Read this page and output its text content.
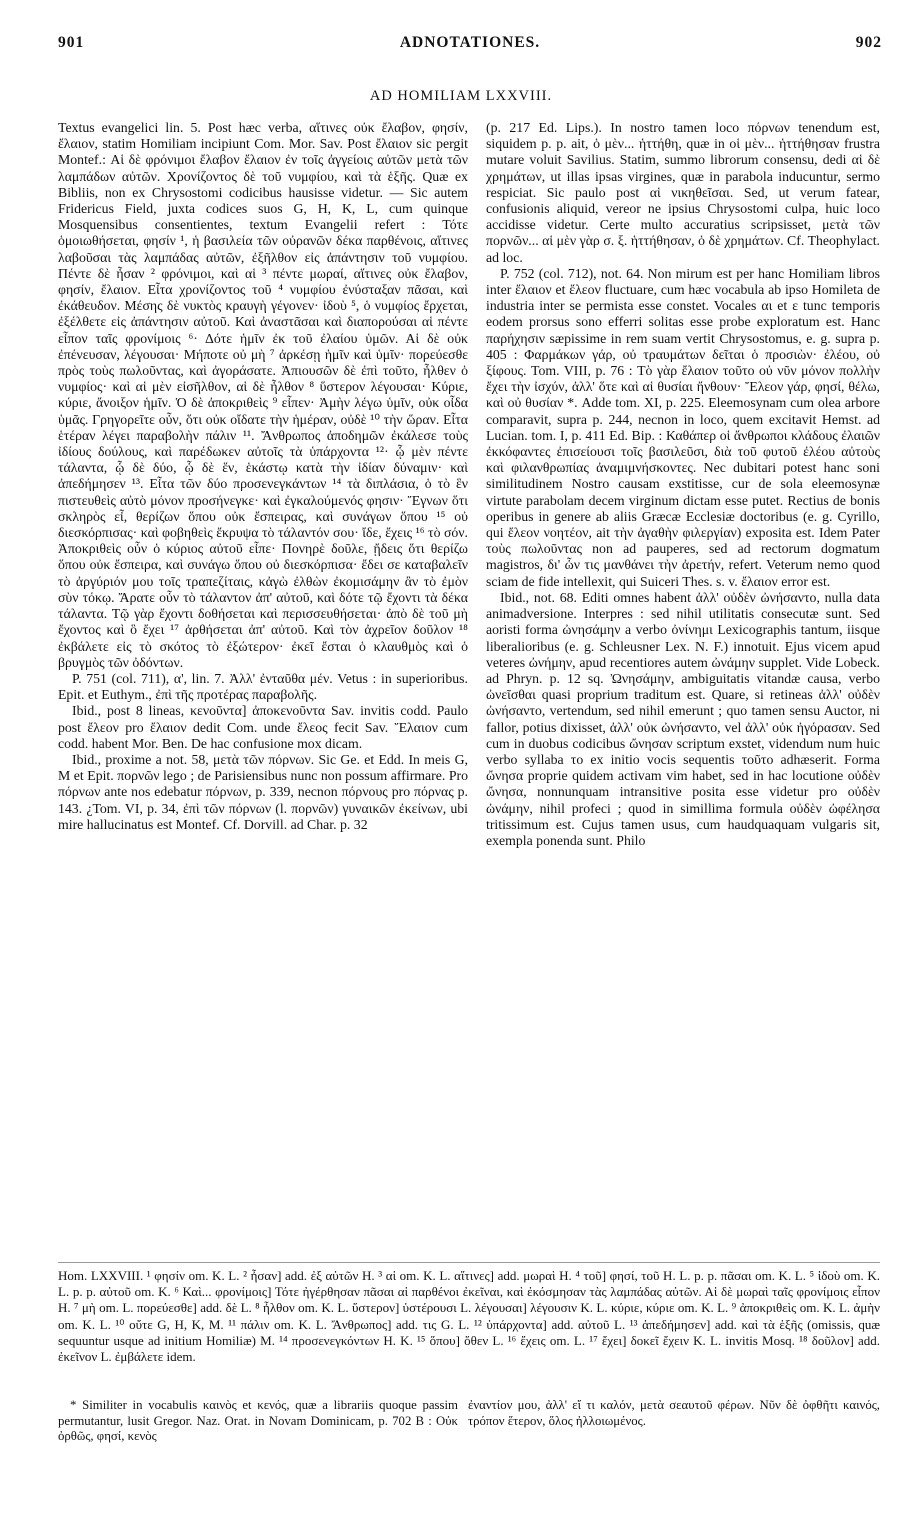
901	ADNOTATIONES.	902
AD HOMILIAM LXXVIII.

Textus evangelici lin. 5. Post hæc verba, αἵτινες οὐκ ἔλαβον, φησίν, ἔλαιον, statim Homiliam incipiunt Com. Mor. Sav. Post ἔλαιον sic pergit Montef.: Αἱ δὲ φρόνιμοι ἔλαβον ἔλαιον ἐν τοῖς ἀγγείοις αὐτῶν μετὰ τῶν λαμπάδων αὐτῶν. Χρονίζοντος δὲ τοῦ νυμφίου, καὶ τὰ ἑξῆς. Quæ ex Bibliis, non ex Chrysostomi codicibus hausisse videtur. — Sic autem Fridericus Field, juxta codices suos G, H, K, L, cum quinque Mosquensibus consentientes, textum Evangelii refert : Τότε ὁμοιωθήσεται, φησίν ¹, ἡ βασιλεία τῶν οὐρανῶν δέκα παρθένοις, αἵτινες λαβοῦσαι τὰς λαμπάδας αὐτῶν, ἐξῆλθον εἰς ἀπάντησιν τοῦ νυμφίου. Πέντε δὲ ἦσαν ² φρόνιμοι, καὶ αἱ ³ πέντε μωραί, αἵτινες οὐκ ἔλαβον, φησίν, ἔλαιον. Εἶτα χρονίζοντος τοῦ ⁴ νυμφίου ἐνύσταξαν πᾶσαι, καὶ ἐκάθευδον. Μέσης δὲ νυκτὸς κραυγὴ γέγονεν· ἰδοὺ ⁵, ὁ νυμφίος ἔρχεται, ἐξέλθετε εἰς ἀπάντησιν αὐτοῦ. Καὶ ἀναστᾶσαι καὶ διαπορούσαι αἱ πέντε εἶπον ταῖς φρονίμοις ⁶· Δότε ἡμῖν ἐκ τοῦ ἐλαίου ὑμῶν. Αἱ δὲ οὐκ ἐπένευσαν, λέγουσαι· Μήποτε οὐ μὴ ⁷ ἀρκέσῃ ἡμῖν καὶ ὑμῖν· πορεύεσθε πρὸς τοὺς πωλοῦντας, καὶ ἀγοράσατε. Ἀπιουσῶν δὲ ἐπὶ τοῦτο, ἦλθεν ὁ νυμφίος· καὶ αἱ μὲν εἰσῆλθον, αἱ δὲ ἦλθον ⁸ ὕστερον λέγουσαι· Κύριε, κύριε, ἄνοιξον ἡμῖν. Ὁ δὲ ἀποκριθεὶς ⁹ εἶπεν· Ἀμὴν λέγω ὑμῖν, οὐκ οἶδα ὑμᾶς. Γρηγορεῖτε οὖν, ὅτι οὐκ οἴδατε τὴν ἡμέραν, οὐδὲ ¹⁰ τὴν ὥραν. Εἶτα ἑτέραν λέγει παραβολὴν πάλιν ¹¹. Ἄνθρωπος ἀποδημῶν ἐκάλεσε τοὺς ἰδίους δούλους, καὶ παρέδωκεν αὐτοῖς τὰ ὑπάρχοντα ¹²· ᾧ μὲν πέντε τάλαντα, ᾧ δὲ δύο, ᾧ δὲ ἕν, ἑκάστῳ κατὰ τὴν ἰδίαν δύναμιν· καὶ ἀπεδήμησεν ¹³. Εἶτα τῶν δύο προσενεγκάντων ¹⁴ τὰ διπλάσια, ὁ τὸ ἓν πιστευθεὶς αὐτὸ μόνον προσήνεγκε· καὶ ἐγκαλούμενός φησιν· Ἔγνων ὅτι σκληρὸς εἶ, θερίζων ὅπου οὐκ ἔσπειρας, καὶ συνάγων ὅπου ¹⁵ οὐ διεσκόρπισας· καὶ φοβηθεὶς ἔκρυψα τὸ τάλαντόν σου· ἴδε, ἔχεις ¹⁶ τὸ σόν. Ἀποκριθεὶς οὖν ὁ κύριος αὐτοῦ εἶπε· Πονηρὲ δοῦλε, ᾔδεις ὅτι θερίζω ὅπου οὐκ ἔσπειρα, καὶ συνάγω ὅπου οὐ διεσκόρπισα· ἔδει σε καταβαλεῖν τὸ ἀργύριόν μου τοῖς τραπεζίταις, κἀγὼ ἐλθὼν ἐκομισάμην ἂν τὸ ἐμὸν σὺν τόκῳ. Ἄρατε οὖν τὸ τάλαντον ἀπ' αὐτοῦ, καὶ δότε τῷ ἔχοντι τὰ δέκα τάλαντα. Τῷ γὰρ ἔχοντι δοθήσεται καὶ περισσευθήσεται· ἀπὸ δὲ τοῦ μὴ ἔχοντος καὶ ὃ ἔχει ¹⁷ ἀρθήσεται ἀπ' αὐτοῦ. Καὶ τὸν ἀχρεῖον δοῦλον ¹⁸ ἐκβάλετε εἰς τὸ σκότος τὸ ἐξώτερον· ἐκεῖ ἔσται ὁ κλαυθμὸς καὶ ὁ βρυγμὸς τῶν ὀδόντων.

P. 751 (col. 711), α', lin. 7. Ἀλλ' ἐνταῦθα μέν. Vetus : in superioribus. Epit. et Euthym., ἐπὶ τῆς προτέρας παραβολῆς.

Ibid., post 8 lineas, κενοῦντα] ἀποκενοῦντα Sav. invitis codd. Paulo post ἔλεον pro ἔλαιον dedit Com. unde ἔλεος fecit Sav. Ἔλαιον cum codd. habent Mor. Ben. De hac confusione mox dicam.

Ibid., proxime a not. 58, μετὰ τῶν πόρνων. Sic Ge. et Edd. In meis G, M et Epit. πορνῶν lego ; de Parisiensibus nunc non possum affirmare. Pro πόρνων ante nos edebatur πόρνων, p. 339, necnon πόρνους pro πόρνας p. 143. ¿Tom. VI, p. 34, ἐπὶ τῶν πόρνων (l. πορνῶν) γυναικῶν ἐκείνων, ubi mire hallucinatus est Montef. Cf. Dorvill. ad Char. p. 32

(p. 217 Ed. Lips.). In nostro tamen loco πόρνων tenendum est, siquidem p. p. ait, ὁ μὲν... ἡττήθη, quæ in οἱ μὲν... ἡττήθησαν frustra mutare voluit Savilius. Statim, summo librorum consensu, dedi αἱ δὲ χρημάτων, ut illas ipsas virgines, quæ in parabola inducuntur, sermo respiciat. Sic paulo post αἱ νικηθεῖσαι. Sed, ut verum fatear, confusionis aliquid, vereor ne ipsius Chrysostomi culpa, huic loco accidisse videtur. Certe multo accuratius scripsisset, μετὰ τῶν πορνῶν... αἱ μὲν γὰρ σ. ξ. ἡττήθησαν, ὁ δὲ χρημάτων. Cf. Theophylact. ad loc.

P. 752 (col. 712), not. 64. Non mirum est per hanc Homiliam libros inter ἔλαιον et ἔλεον fluctuare, cum hæc vocabula ab ipso Homileta de industria inter se permista esse constet. Vocales αι et ε tunc temporis eodem prorsus sono efferri solitas esse probe exploratum est. Hanc παρήχησιν sæpissime in rem suam vertit Chrysostomus, e. g. supra p. 405 : Φαρμάκων γάρ, οὐ τραυμάτων δεῖται ὁ προσιὼν· ἐλέου, οὐ ξίφους. Tom. VIII, p. 76 : Τὸ γὰρ ἔλαιον τοῦτο οὐ νῦν μόνον πολλὴν ἔχει τὴν ἰσχύν, ἀλλ' ὅτε καὶ αἱ θυσίαι ἤνθουν· Ἔλεον γάρ, φησί, θέλω, καὶ οὐ θυσίαν *. Adde tom. XI, p. 225. Eleemosynam cum olea arbore comparavit, supra p. 244, necnon in loco, quem excitavit Hemst. ad Lucian. tom. I, p. 411 Ed. Bip. : Καθάπερ οἱ ἄνθρωποι κλάδους ἐλαιῶν ἐκκόφαντες ἐπισείουσι τοῖς βασιλεῦσι, διὰ τοῦ φυτοῦ ἐλέου αὐτοὺς καὶ φιλανθρωπίας ἀναμιμνήσκοντες. Nec dubitari potest hanc soni similitudinem Nostro causam exstitisse, cur de sola eleemosynæ virtute parabolam decem virginum dictam esse putet. Rectius de bonis operibus in genere ab aliis Græcæ Ecclesiæ doctoribus (e. g. Cyrillo, qui ἔλεον νοητέον, ait τὴν ἀγαθὴν φιλεργίαν) exposita est. Idem Pater τοὺς πωλοῦντας non ad pauperes, sed ad rectorum dogmatum magistros, δι' ὧν τις μανθάνει τὴν ἀρετήν, refert. Veterum nemo quod sciam de fide intellexit, qui Suiceri Thes. s. v. ἔλαιον error est.

Ibid., not. 68. Editi omnes habent ἀλλ' οὐδὲν ὠνήσαντο, nulla data animadversione. Interpres : sed nihil utilitatis consecutæ sunt. Sed aoristi forma ὠνησάμην a verbo ὀνίνημι Lexicographis tantum, iisque liberalioribus (e. g. Schleusner Lex. N. F.) innotuit. Ejus vicem apud veteres ὠνήμην, apud recentiores autem ὠνάμην supplet. Vide Lobeck. ad Phryn. p. 12 sq. Ὠνησάμην, ambiguitatis vitandæ causa, verbo ὠνεῖσθαι quasi proprium traditum est. Quare, si retineas ἀλλ' οὐδὲν ὠνήσαντο, vertendum, sed nihil emerunt ; quo tamen sensu Auctor, ni fallor, potius dixisset, ἀλλ' οὐκ ὠνήσαντο, vel ἀλλ' οὐκ ἠγόρασαν. Sed cum in duobus codicibus ὤνησαν scriptum exstet, videndum num huic verbo syllaba το ex initio vocis sequentis τοῦτο adhæserit. Forma ὤνησα proprie quidem activam vim habet, sed in hac locutione οὐδὲν ὤνησα, nonnunquam intransitive posita esse videtur pro οὐδὲν ὠνάμην, nihil profeci ; quod in simillima formula οὐδὲν ὠφέλησα tritissimum est. Cujus tamen usus, cum haudquaquam vulgaris sit, exempla ponenda sunt. Philo

Hom. LXXVIII. ¹ φησίν om. K. L. ² ἦσαν] add. ἐξ αὐτῶν H. ³ αἱ om. K. L. αἵτινες] add. μωραὶ H. ⁴ τοῦ] φησί, τοῦ H. L. p. p. πᾶσαι om. K. L. ⁵ ἰδοὺ om. K. L. p. p. αὐτοῦ om. K. ⁶ Καὶ... φρονίμοις] Τότε ἠγέρθησαν πᾶσαι αἱ παρθένοι ἐκεῖναι, καὶ ἐκόσμησαν τὰς λαμπάδας αὐτῶν. Αἱ δὲ μωραὶ ταῖς φρονίμοις εἶπον H. ⁷ μὴ om. L. πορεύεσθε] add. δὲ L. ⁸ ἦλθον om. K. L. ὕστερον] ὑστέρουσι L. λέγουσαι] λέγουσιν K. L. κύριε, κύριε om. K. L. ⁹ ἀποκριθεὶς om. K. L. ἀμὴν om. K. L. ¹⁰ οὔτε G, H, K, M. ¹¹ πάλιν om. K. L. Ἄνθρωπος] add. τις G. L. ¹² ὑπάρχοντα] add. αὐτοῦ L. ¹³ ἀπεδήμησεν] add. καὶ τὰ ἑξῆς (omissis, quæ sequuntur usque ad initium Homiliæ) M. ¹⁴ προσενεγκόντων H. K. ¹⁵ ὅπου] ὅθεν L. ¹⁶ ἔχεις om. L. ¹⁷ ἔχει] δοκεῖ ἔχειν K. L. invitis Mosq. ¹⁸ δοῦλον] add. ἐκεῖνον L. ἐμβάλετε idem.

* Similiter in vocabulis καινὸς et κενός, quæ a librariis quoque passim permutantur, lusit Gregor. Naz. Orat. in Novam Dominicam, p. 702 B : Οὐκ ὀρθῶς, φησί, κενὸς

ἐναντίον μου, ἀλλ' εἴ τι καλόν, μετὰ σεαυτοῦ φέρων. Νῦν δὲ ὀφθῆτι καινός, τρόπον ἕτερον, ὅλος ἠλλοιωμένος.
